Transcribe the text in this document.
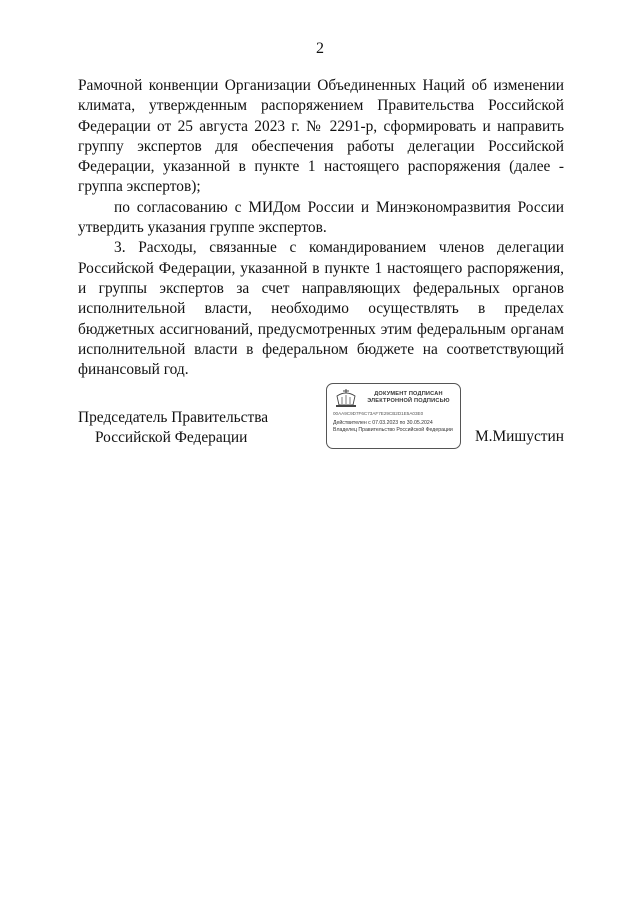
2

Рамочной конвенции Организации Объединенных Наций об изменении климата, утвержденным распоряжением Правительства Российской Федерации от 25 августа 2023 г. № 2291-р, сформировать и направить группу экспертов для обеспечения работы делегации Российской Федерации, указанной в пункте 1 настоящего распоряжения (далее - группа экспертов);

по согласованию с МИДом России и Минэкономразвития России утвердить указания группе экспертов.

3. Расходы, связанные с командированием членов делегации Российской Федерации, указанной в пункте 1 настоящего распоряжения, и группы экспертов за счет направляющих федеральных органов исполнительной власти, необходимо осуществлять в пределах бюджетных ассигнований, предусмотренных этим федеральным органам исполнительной власти в федеральном бюджете на соответствующий финансовый год.

Председатель Правительства
Российской Федерации
ДОКУМЕНТ ПОДПИСАН
ЭЛЕКТРОННОЙ ПОДПИСЬЮ
00AA9C9D7F6C73AF7E29CB2D1E5A03E0
Действителен с 07.03.2023 по 30.05.2024
Владелец Правительство Российской Федерации М.Мишустин
